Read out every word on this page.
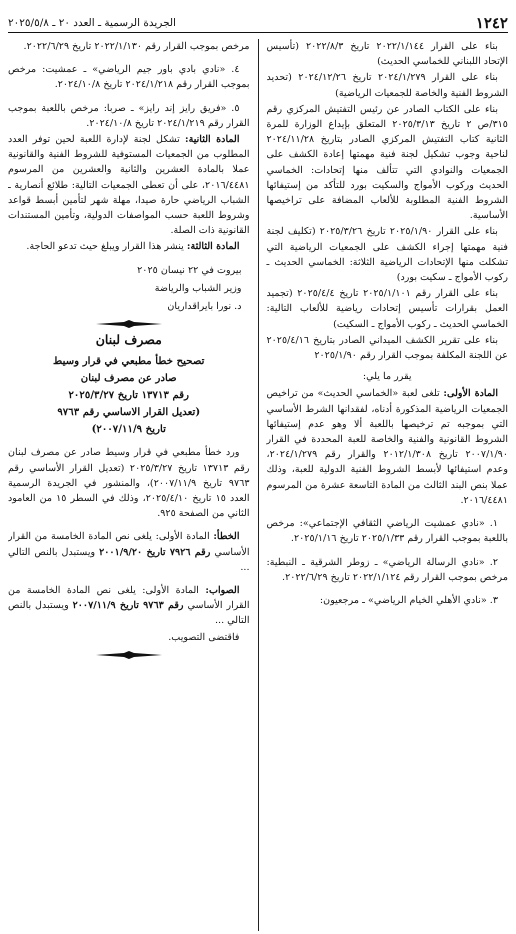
١٢٤٢
الجريدة الرسمية ـ العدد ٢٠ ـ ٢٠٢٥/٥/٨

بناء على القرار ٢٠٢٢/١/١٤٤ تاريخ ٢٠٢٢/٨/٣ (تأسيس الإتحاد اللبناني للخماسي الحديث)

بناء على القرار ٢٠٢٤/١/٢٧٩ تاريخ ٢٠٢٤/١٢/٢٦ (تحديد الشروط الفنية والخاصة للجمعيات الرياضية)

بناء على الكتاب الصادر عن رئيس التفتيش المركزي رقم ٣١٥/ص ٢ تاريخ ٢٠٢٥/٣/١٣ المتعلق بإيداع الوزارة للمرة الثانية كتاب التفتيش المركزي الصادر بتاريخ ٢٠٢٤/١١/٢٨ لناحية وجوب تشكيل لجنة فنية مهمتها إعادة الكشف على الجمعيات والنوادي التي تتألف منها إتحادات: الخماسي الحديث وركوب الأمواج والسكيت بورد للتأكد من إستيفائها الشروط الفنية المطلوبة للألعاب المضافة على تراخيصها الأساسية.

بناء على القرار ٢٠٢٥/١/٩٠ تاريخ ٢٠٢٥/٣/٢٦ (تكليف لجنة فنية مهمتها إجراء الكشف على الجمعيات الرياضية التي تشكلت منها الإتحادات الرياضية الثلاثة: الخماسي الحديث ـ ركوب الأمواج ـ سكيت بورد)

بناء على القرار رقم ٢٠٢٥/١/١٠١ تاريخ ٢٠٢٥/٤/٤ (تجميد العمل بقرارات تأسيس إتحادات رياضية للألعاب التالية: الخماسي الحديث ـ ركوب الأمواج ـ السكيت)

بناء على تقرير الكشف الميداني الصادر بتاريخ ٢٠٢٥/٤/١٦ عن اللجنة المكلفة بموجب القرار رقم ٢٠٢٥/١/٩٠

يقرر ما يلي:

المادة الأولى: تلغى لعبة «الخماسي الحديث» من تراخيص الجمعيات الرياضية المذكورة أدناه، لفقدانها الشرط الأساسي التي بموجبه تم ترخيصها باللعبة ألا وهو عدم إستيفائها الشروط القانونية والفنية والخاصة للعبة المحددة في القرار ٢٠٠٧/١/٩٠ تاريخ ٢٠١٢/١/٣٠٨ والقرار رقم ٢٠٢٤/١/٢٧٩، وعدم استيفائها لأبسط الشروط الفنية الدولية للعبة، وذلك عملا بنص البند الثالث من المادة التاسعة عشرة من المرسوم ٢٠١٦/٤٤٨١.

١. «نادي عمشيت الرياضي الثقافي الإجتماعي»: مرخص باللعبة بموجب القرار رقم ٢٠٢٥/١/٣٣ تاريخ ٢٠٢٥/١/١٦.

٢. «نادي الرسالة الرياضي» ـ زوطر الشرقية ـ النبطية: مرخص بموجب القرار رقم ٢٠٢٢/١/١٢٤ تاريخ ٢٠٢٢/٦/٢٩.

٣. «نادي الأهلي الخيام الرياضي» ـ مرجعيون:

مرخص بموجب القرار رقم ٢٠٢٢/١/١٣٠ تاريخ ٢٠٢٢/٦/٢٩.

٤. «نادي بادي باور جيم الرياضي» ـ عمشيت: مرخص بموجب القرار رقم ٢٠٢٤/١/٢١٨ تاريخ ٢٠٢٤/١٠/٨.

٥. «فريق رايز إند رايز» ـ صربا: مرخص باللعبة بموجب القرار رقم ٢٠٢٤/١/٢١٩ تاريخ ٢٠٢٤/١٠/٨.

المادة الثانية: تشكل لجنة لإدارة اللعبة لحين توفر العدد المطلوب من الجمعيات المستوفية للشروط الفنية والقانونية عملا بالمادة العشرين والثانية والعشرين من المرسوم ٢٠١٦/٤٤٨١، على أن تعطى الجمعيات التالية: طلائع أنصارية ـ الشباب الرياضي حارة صيدا، مهلة شهر لتأمين أبسط قواعد وشروط اللعبة حسب المواصفات الدولية، وتأمين المستندات القانونية ذات الصلة.

المادة الثالثة: ينشر هذا القرار ويبلغ حيث تدعو الحاجة.

بيروت في ٢٢ نيسان ٢٠٢٥

وزير الشباب والرياضة

د. نورا بايراقداريان

مصرف لبنان
تصحيح خطأ مطبعي في قرار وسيط
صادر عن مصرف لبنان
رقم ١٣٧١٣ تاريخ ٢٠٢٥/٣/٢٧
(تعديل القرار الاساسي رقم ٩٧٦٣
تاريخ ٢٠٠٧/١١/٩)

ورد خطأ مطبعي في قرار وسيط صادر عن مصرف لبنان رقم ١٣٧١٣ تاريخ ٢٠٢٥/٣/٢٧ (تعديل القرار الأساسي رقم ٩٧٦٣ تاريخ ٢٠٠٧/١١/٩)، والمنشور في الجريدة الرسمية العدد ١٥ تاريخ ٢٠٢٥/٤/١٠، وذلك في السطر ١٥ من العامود الثاني من الصفحة ٩٢٥.

الخطأ: المادة الأولى: يلغى نص المادة الخامسة من القرار الأساسي رقم ٧٩٢٦ تاريخ ٢٠٠١/٩/٢٠ ويستبدل بالنص التالي ...

الصواب: المادة الأولى: يلغى نص المادة الخامسة من القرار الأساسي رقم ٩٧٦٣ تاريخ ٢٠٠٧/١١/٩ ويستبدل بالنص التالي ...

فاقتضى التصويب.
